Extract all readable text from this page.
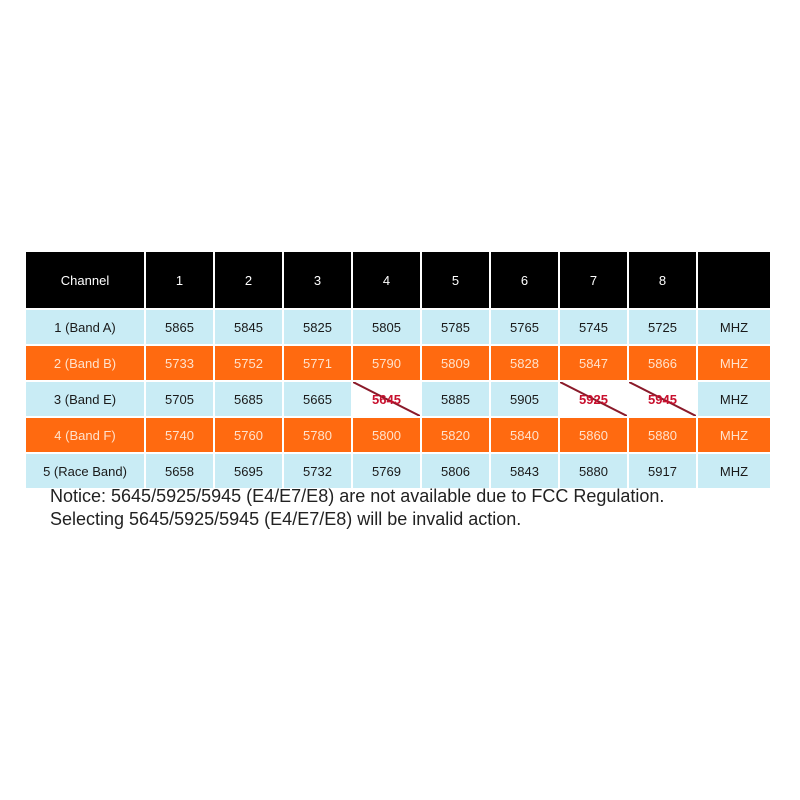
Channel	1	2	3	4	5	6	7	8	
1 (Band A)	5865	5845	5825	5805	5785	5765	5745	5725	MHZ
2 (Band B)	5733	5752	5771	5790	5809	5828	5847	5866	MHZ
3 (Band E)	5705	5685	5665	5645	5885	5905	5925	5945	MHZ
4 (Band F)	5740	5760	5780	5800	5820	5840	5860	5880	MHZ
5 (Race Band)	5658	5695	5732	5769	5806	5843	5880	5917	MHZ
Notice: 5645/5925/5945 (E4/E7/E8) are not available due to FCC Regulation.
Selecting 5645/5925/5945 (E4/E7/E8) will be invalid action.
